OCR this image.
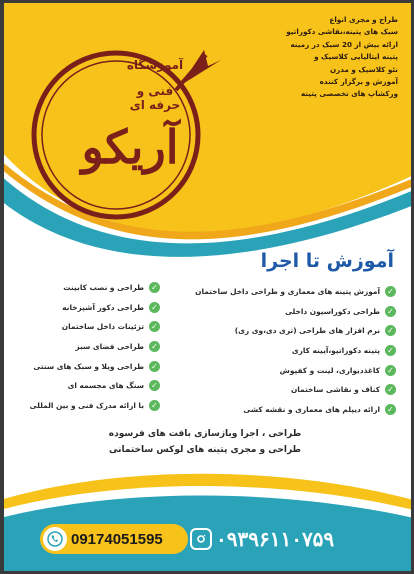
آموزشگاه
فنی و
حرفه ای
آریکو
طراح و مجری انواع
سبک های پتینه،نقاشی دکوراتیو
ارائه بیش از 20 سبک در زمینه
پتینه ایتالیایی کلاسیک و
نئو کلاسیک و مدرن
آموزش و برگزار کننده
ورکشاپ های تخصصی پتینه
آموزش تا اجرا
✓
آموزش پتینه های معماری و طراحی داخل ساختمان
✓
طراحی دکوراسیون داخلی
✓
نرم افزار های طراحی (تری دی،وی ری)
✓
پتینه دکوراتیو،آیینه کاری
✓
کاغذدیواری، لینت و کفپوش
✓
کناف و نقاشی ساختمان
✓
ارائه دیپلم های معماری و نقشه کشی
✓
طراحی و نصب کابینت
✓
طراحی دکور آشپزخانه
✓
تزئینات داخل ساختمان
✓
طراحی فضای سبز
✓
طراحی ویلا و سبک های سنتی
✓
سنگ های مجسمه ای
✓
با ارائه مدرک فنی و بین المللی
طراحی ، اجرا وبازسازی بافت های فرسوده
طراحی و مجری پتینه های لوکس ساختمانی
09174051595	۰۹۳۹۶۱۱۰۷۵۹
